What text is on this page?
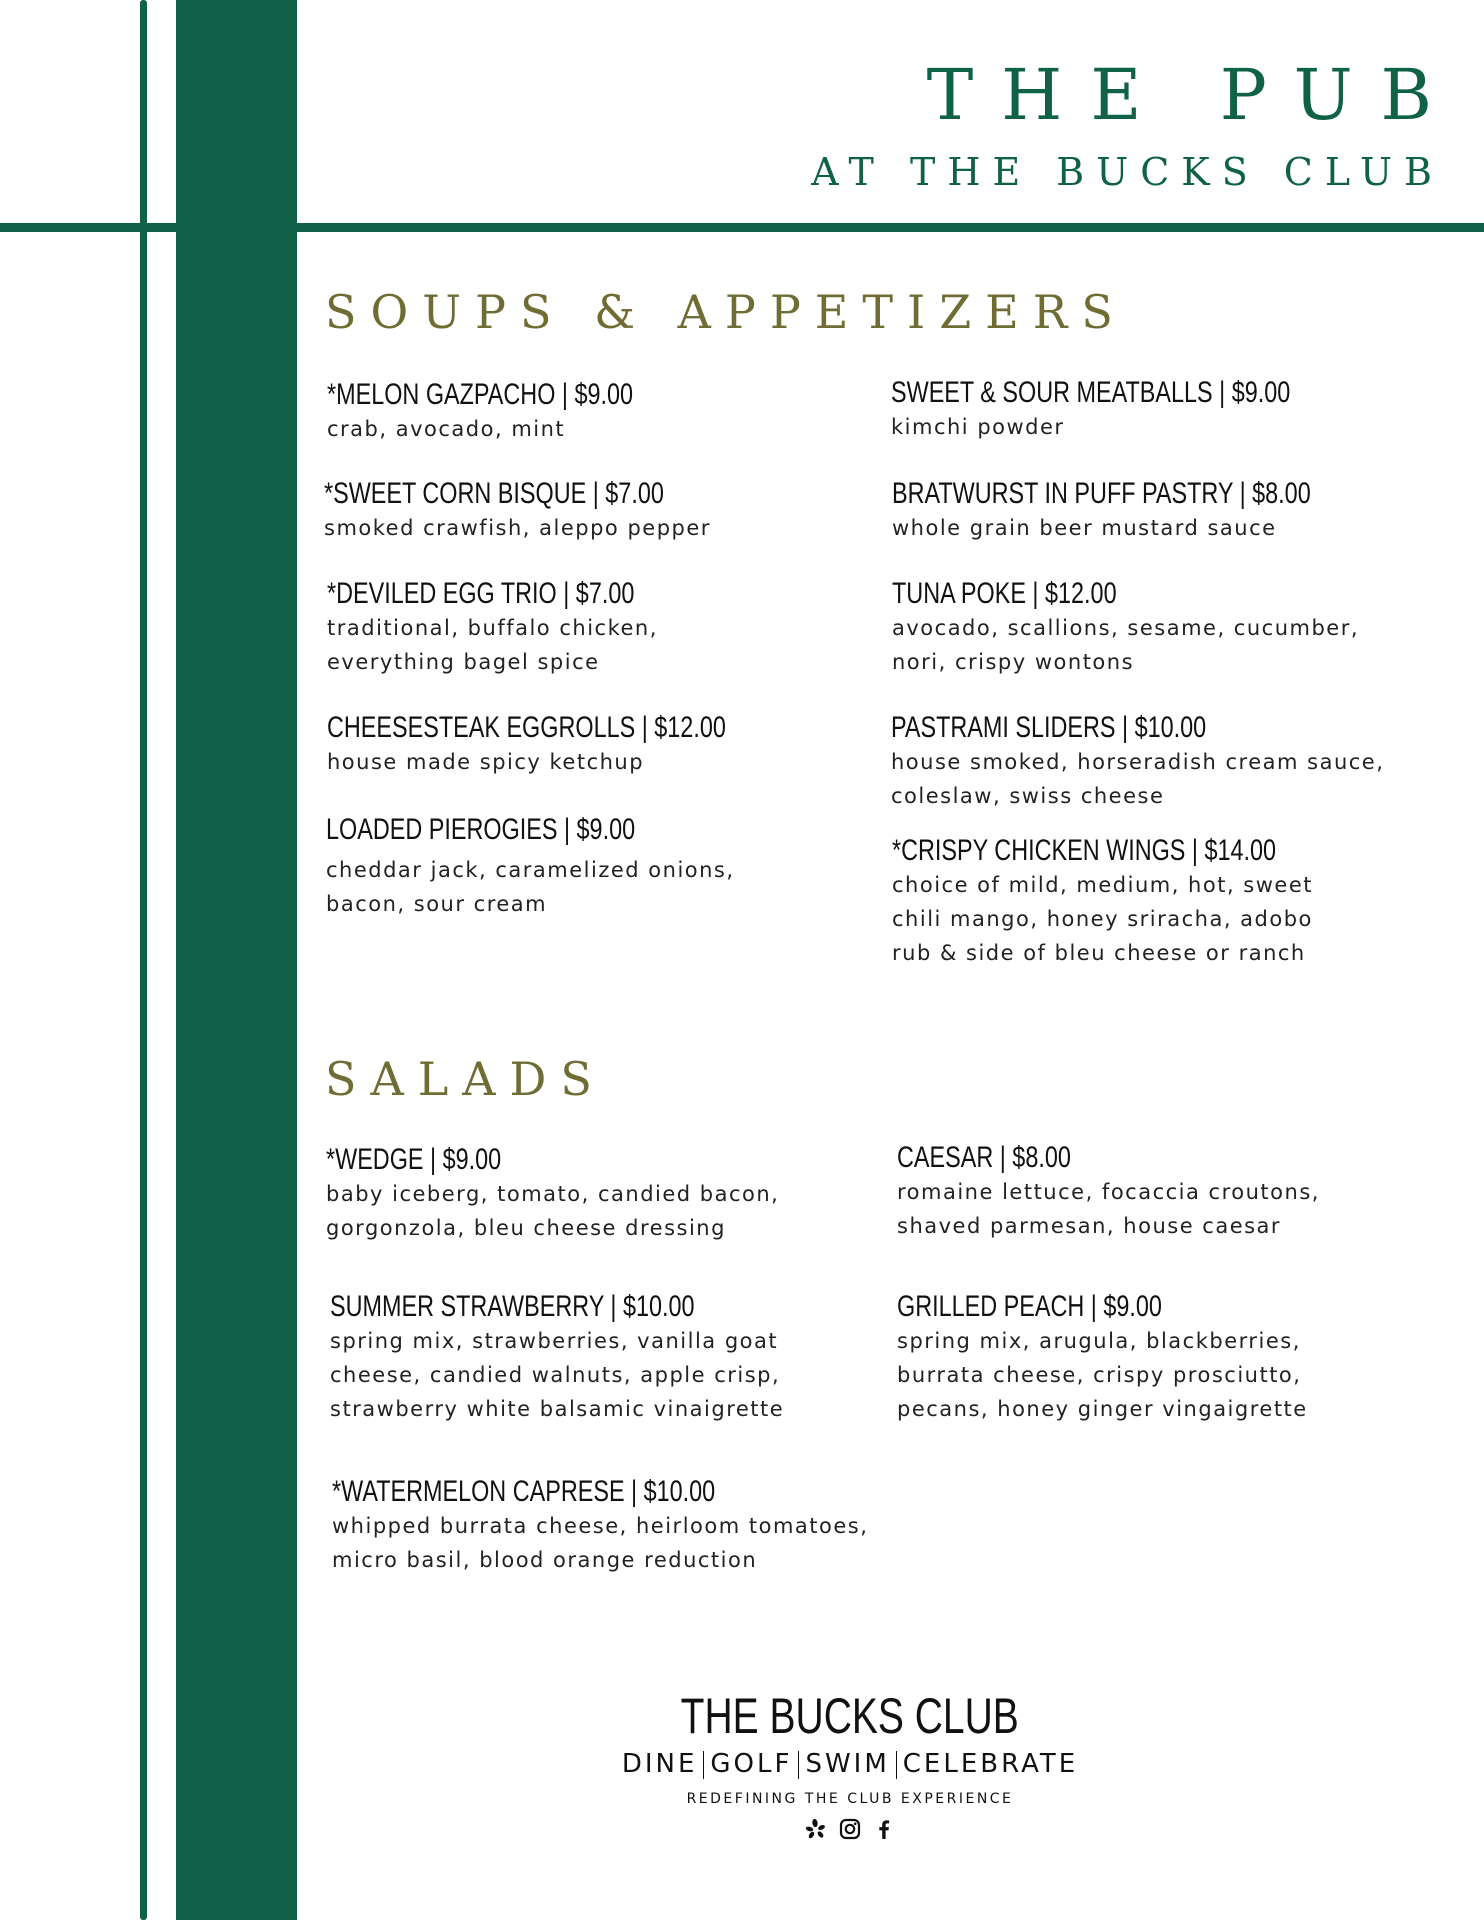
THE PUB
AT THE BUCKS CLUB
SOUPS & APPETIZERS
*MELON GAZPACHO | $9.00
crab, avocado, mint
*SWEET CORN BISQUE | $7.00
smoked crawfish, aleppo pepper
*DEVILED EGG TRIO | $7.00
traditional, buffalo chicken,
everything bagel spice
CHEESESTEAK EGGROLLS | $12.00
house made spicy ketchup
LOADED PIEROGIES | $9.00
cheddar jack, caramelized onions,
bacon, sour cream
SWEET & SOUR MEATBALLS | $9.00
kimchi powder
BRATWURST IN PUFF PASTRY | $8.00
whole grain beer mustard sauce
TUNA POKE | $12.00
avocado, scallions, sesame, cucumber,
nori, crispy wontons
PASTRAMI SLIDERS | $10.00
house smoked, horseradish cream sauce,
coleslaw, swiss cheese
*CRISPY CHICKEN WINGS | $14.00
choice of mild, medium, hot, sweet
chili mango, honey sriracha, adobo
rub & side of bleu cheese or ranch
SALADS
*WEDGE | $9.00
baby iceberg, tomato, candied bacon,
gorgonzola, bleu cheese dressing
CAESAR | $8.00
romaine lettuce, focaccia croutons,
shaved parmesan, house caesar
SUMMER STRAWBERRY | $10.00
spring mix, strawberries, vanilla goat
cheese, candied walnuts, apple crisp,
strawberry white balsamic vinaigrette
GRILLED PEACH | $9.00
spring mix, arugula, blackberries,
burrata cheese, crispy prosciutto,
pecans, honey ginger vingaigrette
*WATERMELON CAPRESE | $10.00
whipped burrata cheese, heirloom tomatoes,
micro basil, blood orange reduction
THE BUCKS CLUB
DINE GOLF SWIM CELEBRATE
REDEFINING THE CLUB EXPERIENCE
